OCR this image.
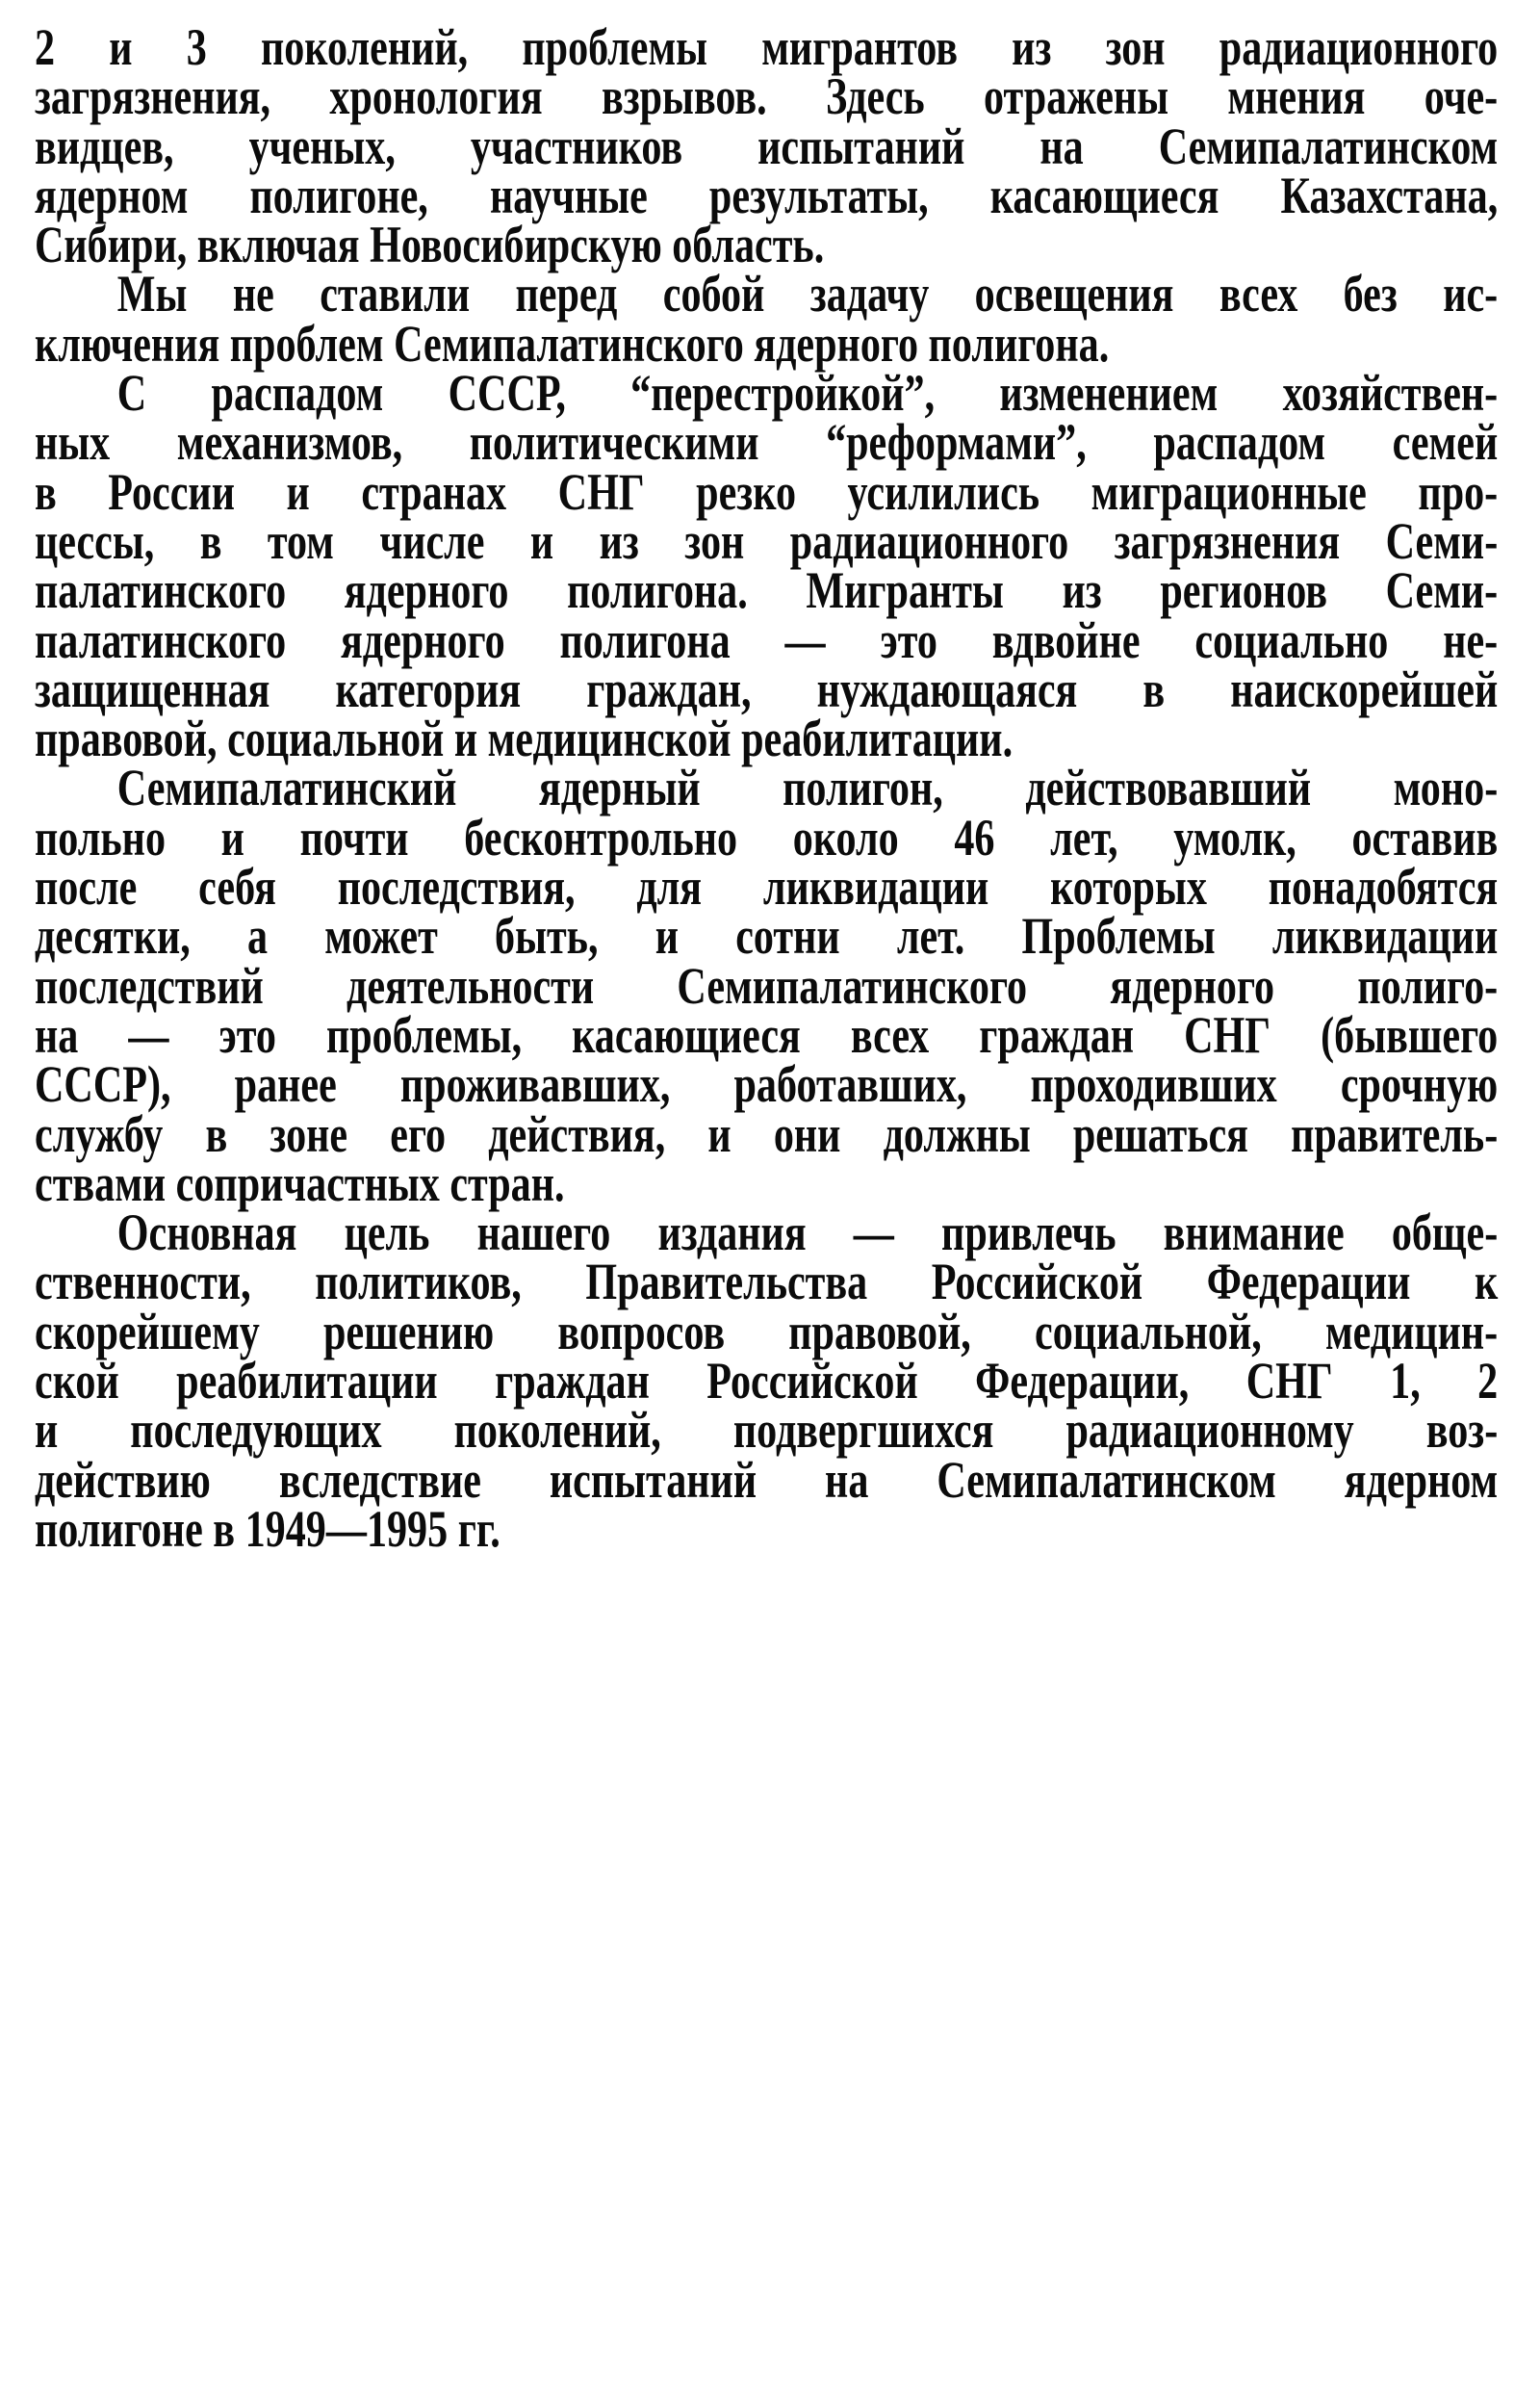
2 и 3 поколений, проблемы мигрантов из зон радиационного
загрязнения, хронология взрывов. Здесь отражены мнения оче-
видцев, ученых, участников испытаний на Семипалатинском
ядерном полигоне, научные результаты, касающиеся Казахстана,
Сибири, включая Новосибирскую область.
Мы не ставили перед собой задачу освещения всех без ис-
ключения проблем Семипалатинского ядерного полигона.
С распадом СССР, “перестройкой”, изменением хозяйствен-
ных механизмов, политическими “реформами”, распадом семей
в России и странах СНГ резко усилились миграционные про-
цессы, в том числе и из зон радиационного загрязнения Семи-
палатинского ядерного полигона. Мигранты из регионов Семи-
палатинского ядерного полигона — это вдвойне социально не-
защищенная категория граждан, нуждающаяся в наискорейшей
правовой, социальной и медицинской реабилитации.
Семипалатинский ядерный полигон, действовавший моно-
польно и почти бесконтрольно около 46 лет, умолк, оставив
после себя последствия, для ликвидации которых понадобятся
десятки, а может быть, и сотни лет. Проблемы ликвидации
последствий деятельности Семипалатинского ядерного полиго-
на — это проблемы, касающиеся всех граждан СНГ (бывшего
СССР), ранее проживавших, работавших, проходивших срочную
службу в зоне его действия, и они должны решаться правитель-
ствами сопричастных стран.
Основная цель нашего издания — привлечь внимание обще-
ственности, политиков, Правительства Российской Федерации к
скорейшему решению вопросов правовой, социальной, медицин-
ской реабилитации граждан Российской Федерации, СНГ 1, 2
и последующих поколений, подвергшихся радиационному воз-
действию вследствие испытаний на Семипалатинском ядерном
полигоне в 1949—1995 гг.
